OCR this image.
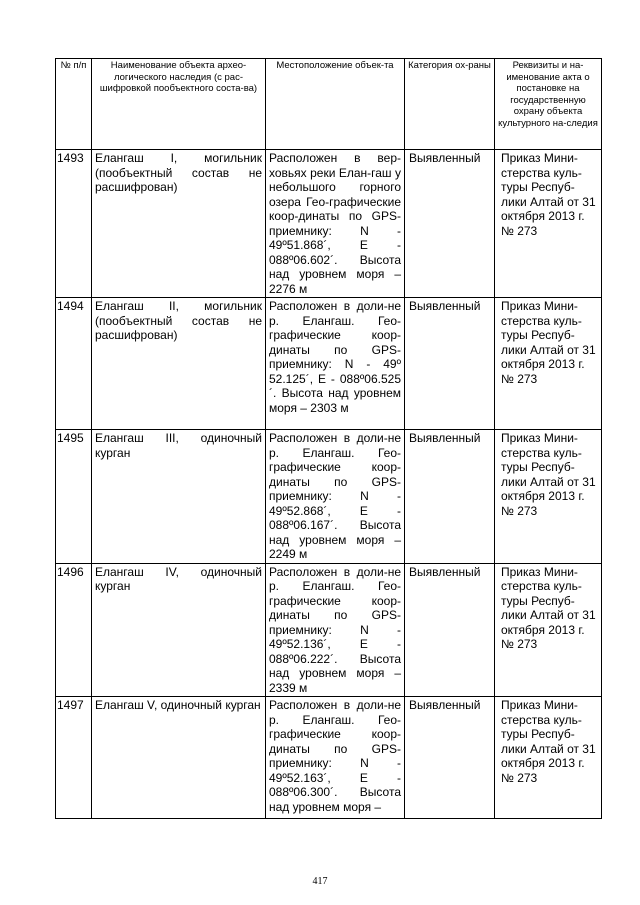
№ п/п	Наименование объекта архео-логического наследия (с рас-шифровкой пообъектного соста-ва)	Местоположение объек-та	Категория ох-раны	Реквизиты и на-именование акта о постановке на государственную охрану объекта культурного на-следия
1493	Елангаш I, могильник (пообъектный состав не расшифрован)	Расположен в вер-ховьях реки Елан-гаш у небольшого горного озера Гео-графические коор-динаты по GPS-приемнику: N - 49º51.868´, E - 088º06.602´. Высота над уровнем моря – 2276 м	Выявленный	Приказ Мини-стерства куль-туры Респуб-лики Алтай от 31 октября 2013 г. № 273
1494	Елангаш II, могильник (пообъектный состав не расшифрован)	Расположен в доли-не р. Елангаш. Гео-графические коор-динаты по GPS-приемнику: N - 49º 52.125´, E - 088º06.525´. Высота над уровнем моря – 2303 м	Выявленный	Приказ Мини-стерства куль-туры Респуб-лики Алтай от 31 октября 2013 г. № 273
1495	Елангаш III, одиночный курган	Расположен в доли-не р. Елангаш. Гео-графические коор-динаты по GPS-приемнику: N - 49º52.868´, E - 088º06.167´. Высота над уровнем моря – 2249 м	Выявленный	Приказ Мини-стерства куль-туры Респуб-лики Алтай от 31 октября 2013 г. № 273
1496	Елангаш IV, одиночный курган	Расположен в доли-не р. Елангаш. Гео-графические коор-динаты по GPS-приемнику: N - 49º52.136´, E - 088º06.222´. Высота над уровнем моря – 2339 м	Выявленный	Приказ Мини-стерства куль-туры Респуб-лики Алтай от 31 октября 2013 г. № 273
1497	Елангаш V, одиночный курган	Расположен в доли-не р. Елангаш. Гео-графические коор-динаты по GPS-приемнику: N - 49º52.163´, E - 088º06.300´. Высота над уровнем моря –	Выявленный	Приказ Мини-стерства куль-туры Респуб-лики Алтай от 31 октября 2013 г. № 273
417
